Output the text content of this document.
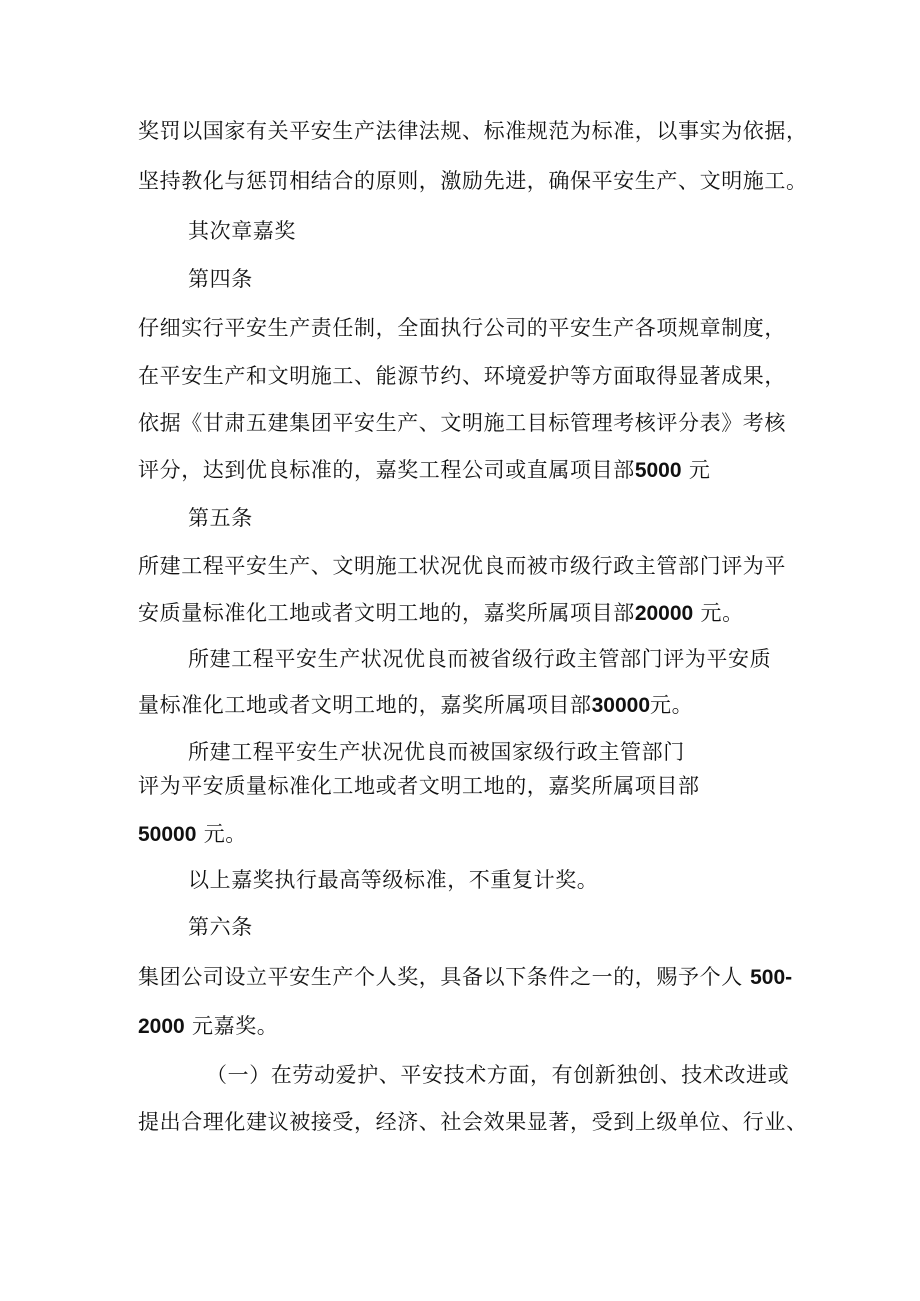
奖罚以国家有关平安生产法律法规、标准规范为标准，以事实为依据，
坚持教化与惩罚相结合的原则，激励先进，确保平安生产、文明施工。
其次章嘉奖
第四条
仔细实行平安生产责任制，全面执行公司的平安生产各项规章制度，
在平安生产和文明施工、能源节约、环境爱护等方面取得显著成果，
依据《甘肃五建集团平安生产、文明施工目标管理考核评分表》考核
评分，达到优良标准的，嘉奖工程公司或直属项目部5000 元
第五条
所建工程平安生产、文明施工状况优良而被市级行政主管部门评为平
安质量标准化工地或者文明工地的，嘉奖所属项目部20000 元。
所建工程平安生产状况优良而被省级行政主管部门评为平安质
量标准化工地或者文明工地的，嘉奖所属项目部30000元。
所建工程平安生产状况优良而被国家级行政主管部门
评为平安质量标准化工地或者文明工地的，嘉奖所属项目部
50000 元。
以上嘉奖执行最高等级标准，不重复计奖。
第六条
集团公司设立平安生产个人奖，具备以下条件之一的，赐予个人 500-
2000 元嘉奖。
（一）在劳动爱护、平安技术方面，有创新独创、技术改进或
提出合理化建议被接受，经济、社会效果显著，受到上级单位、行业、
